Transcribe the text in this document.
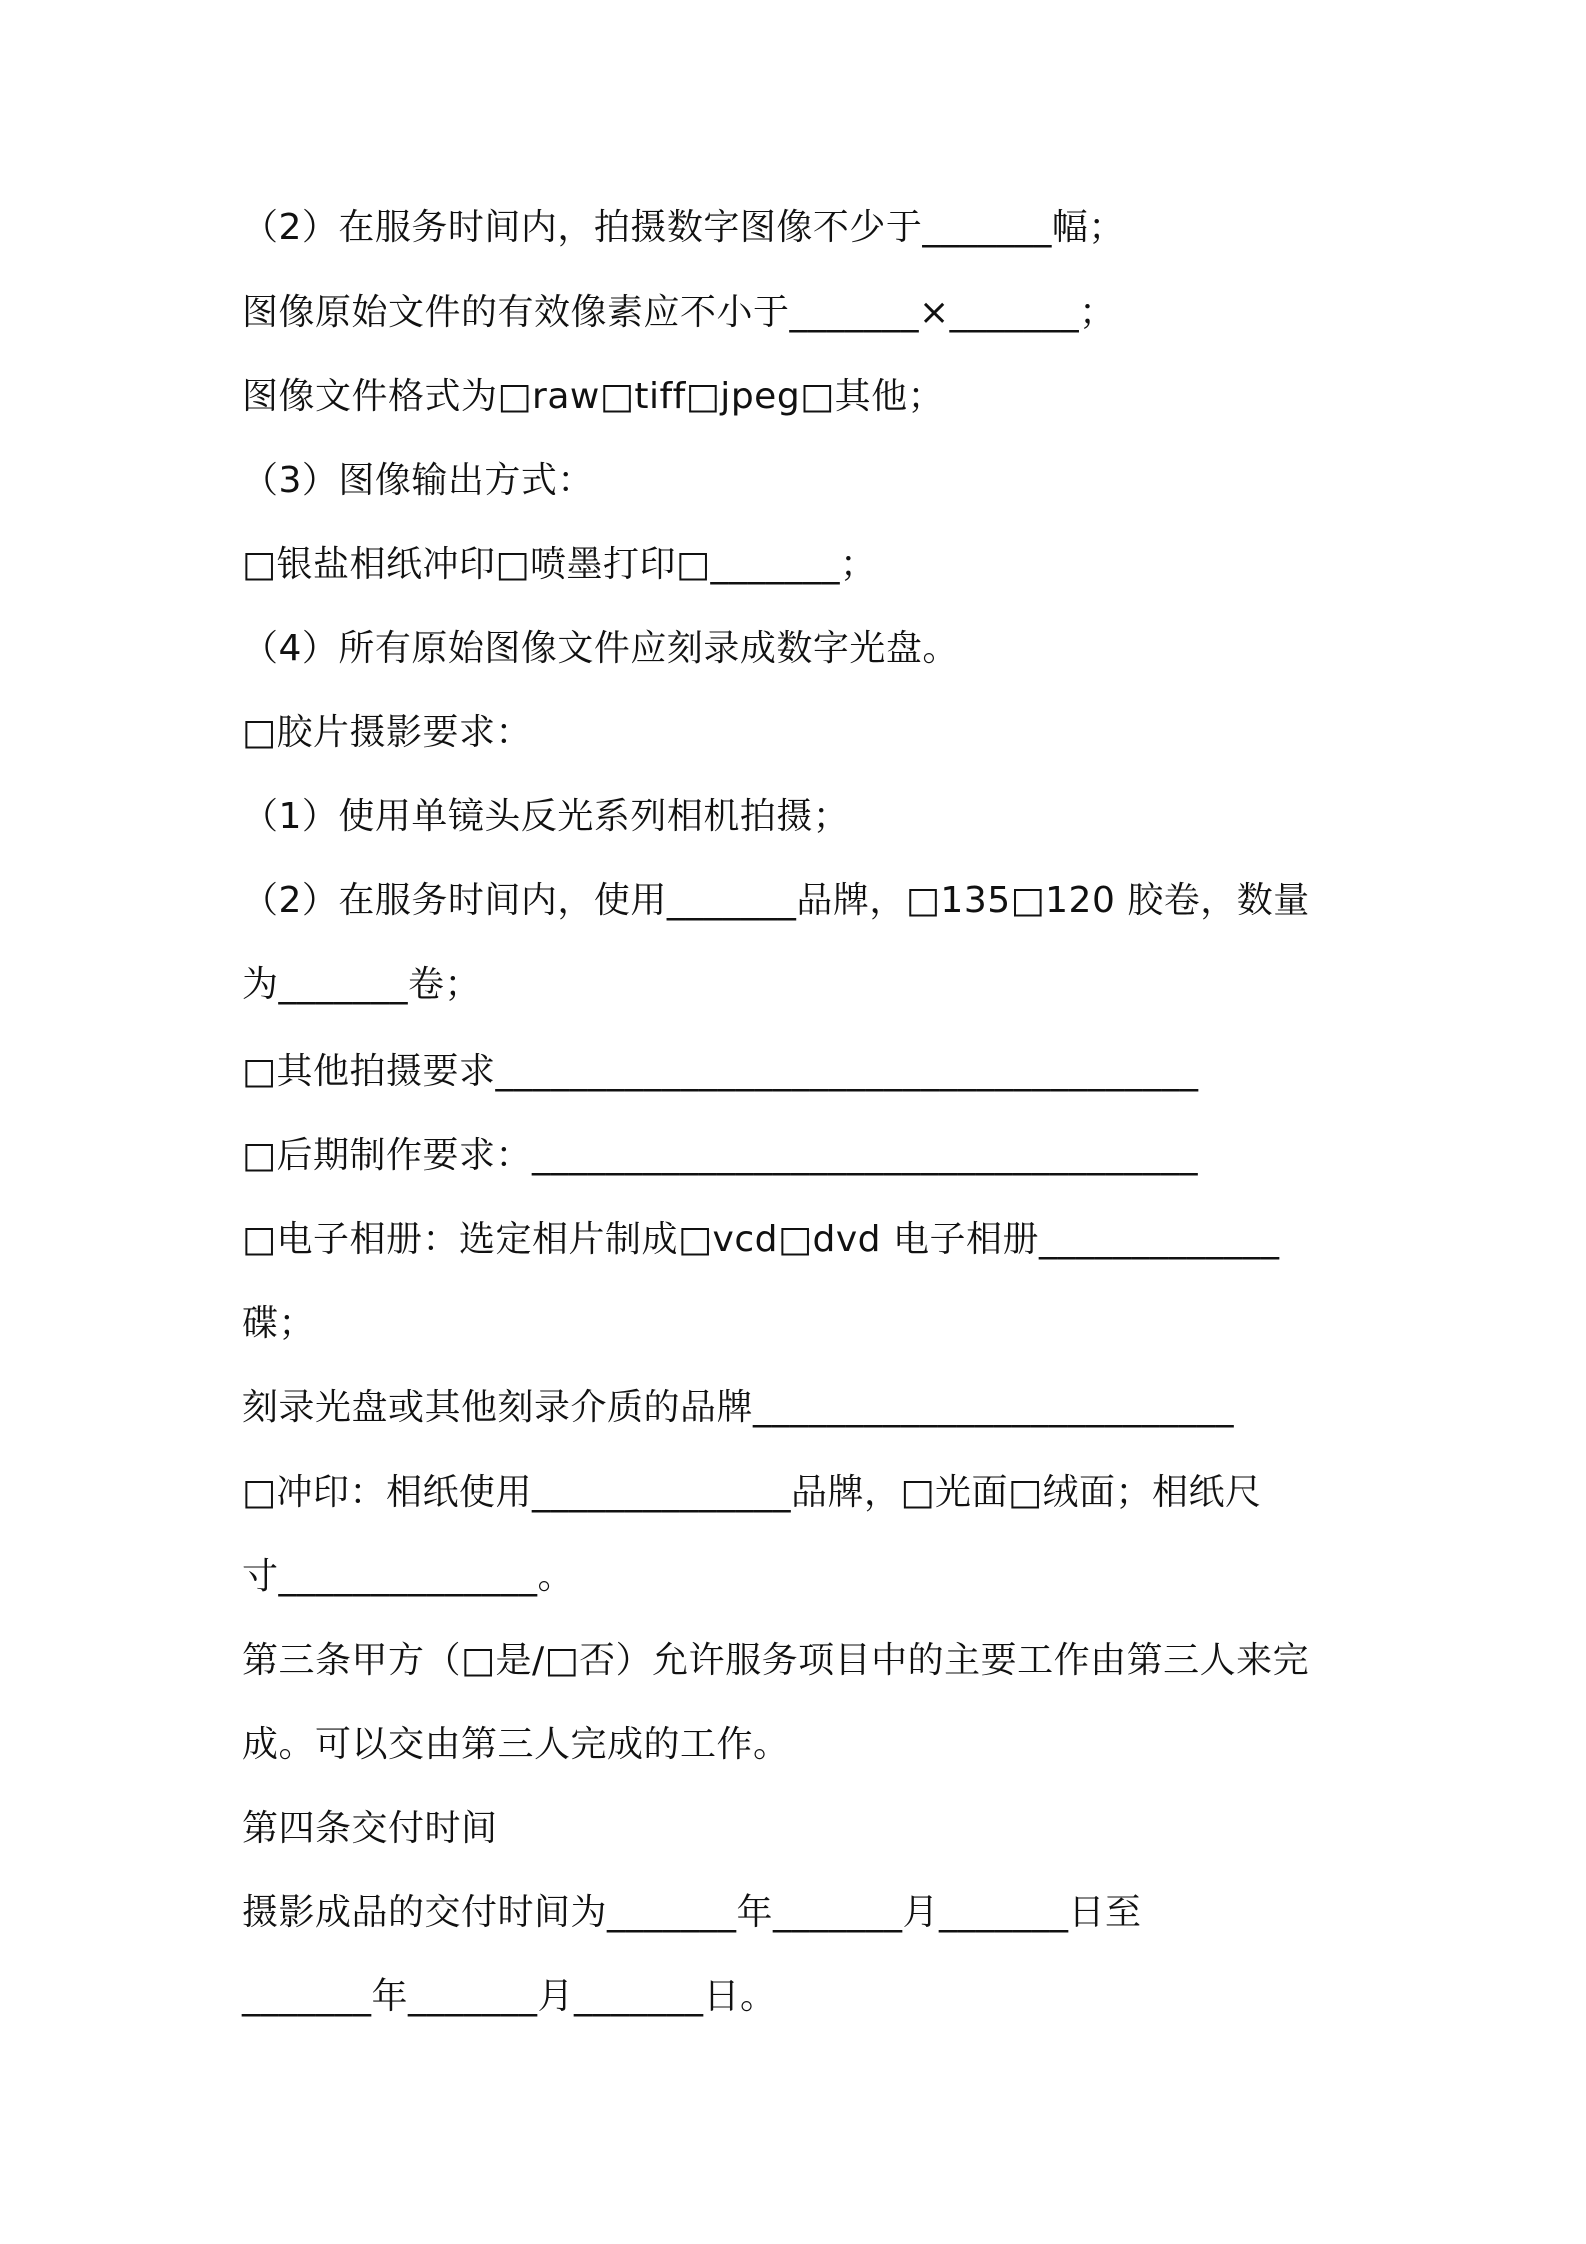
（2）在服务时间内，拍摄数字图像不少于_______幅；
图像原始文件的有效像素应不小于_______×_______；
图像文件格式为□raw□tiff□jpeg□其他；
（3）图像输出方式：
□银盐相纸冲印□喷墨打印□_______；
（4）所有原始图像文件应刻录成数字光盘。
□胶片摄影要求：
（1）使用单镜头反光系列相机拍摄；
（2）在服务时间内，使用_______品牌，□135□120 胶卷，数量
为_______卷；
□其他拍摄要求______________________________________
□后期制作要求：____________________________________
□电子相册：选定相片制成□vcd□dvd 电子相册_____________
碟；
刻录光盘或其他刻录介质的品牌__________________________
□冲印：相纸使用______________品牌，□光面□绒面；相纸尺
寸______________。
第三条甲方（□是/□否）允许服务项目中的主要工作由第三人来完
成。可以交由第三人完成的工作。
第四条交付时间
摄影成品的交付时间为_______年_______月_______日至
_______年_______月_______日。
